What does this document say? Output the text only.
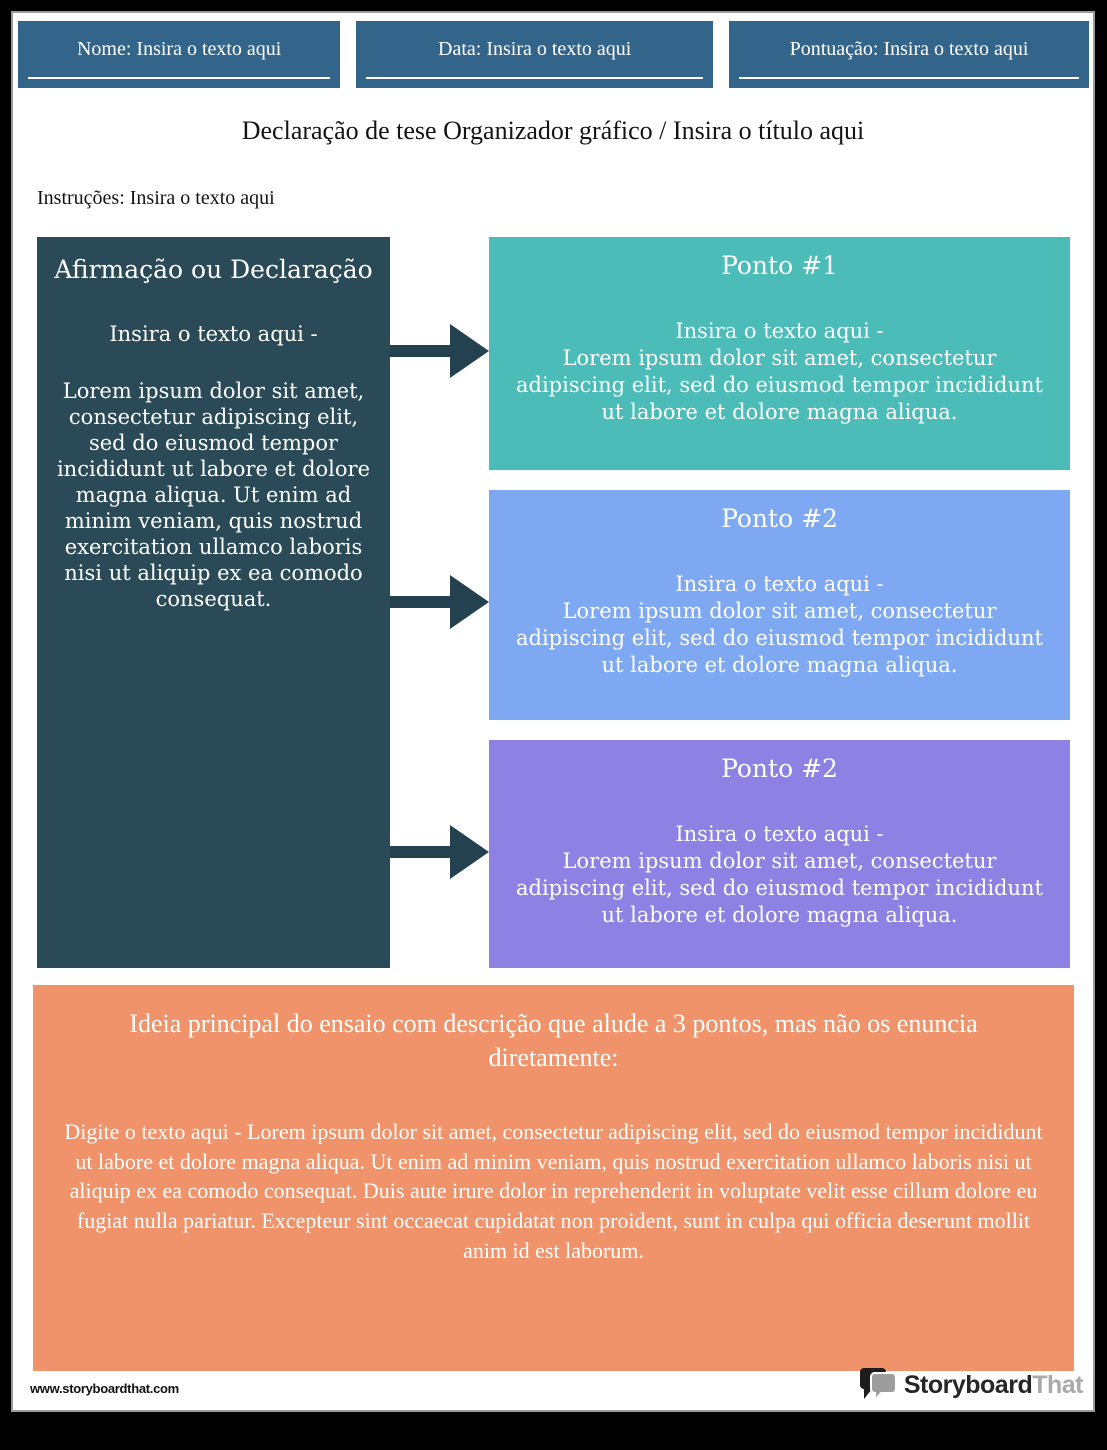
Nome: Insira o texto aqui	Data: Insira o texto aqui	Pontuação: Insira o texto aqui
Declaração de tese Organizador gráfico / Insira o título aqui
Instruções: Insira o texto aqui
Afirmação ou Declaração
Insira o texto aqui -
Lorem ipsum dolor sit amet, consectetur adipiscing elit, sed do eiusmod tempor incididunt ut labore et dolore magna aliqua. Ut enim ad minim veniam, quis nostrud exercitation ullamco laboris nisi ut aliquip ex ea comodo consequat.
Ponto #1
Insira o texto aqui -
Lorem ipsum dolor sit amet, consectetur adipiscing elit, sed do eiusmod tempor incididunt ut labore et dolore magna aliqua.
Ponto #2
Insira o texto aqui -
Lorem ipsum dolor sit amet, consectetur adipiscing elit, sed do eiusmod tempor incididunt ut labore et dolore magna aliqua.
Ponto #2
Insira o texto aqui -
Lorem ipsum dolor sit amet, consectetur adipiscing elit, sed do eiusmod tempor incididunt ut labore et dolore magna aliqua.
Ideia principal do ensaio com descrição que alude a 3 pontos, mas não os enuncia diretamente:
Digite o texto aqui - Lorem ipsum dolor sit amet, consectetur adipiscing elit, sed do eiusmod tempor incididunt ut labore et dolore magna aliqua. Ut enim ad minim veniam, quis nostrud exercitation ullamco laboris nisi ut aliquip ex ea comodo consequat. Duis aute irure dolor in reprehenderit in voluptate velit esse cillum dolore eu fugiat nulla pariatur. Excepteur sint occaecat cupidatat non proident, sunt in culpa qui officia deserunt mollit anim id est laborum.
www.storyboardthat.com	Storyboard That
